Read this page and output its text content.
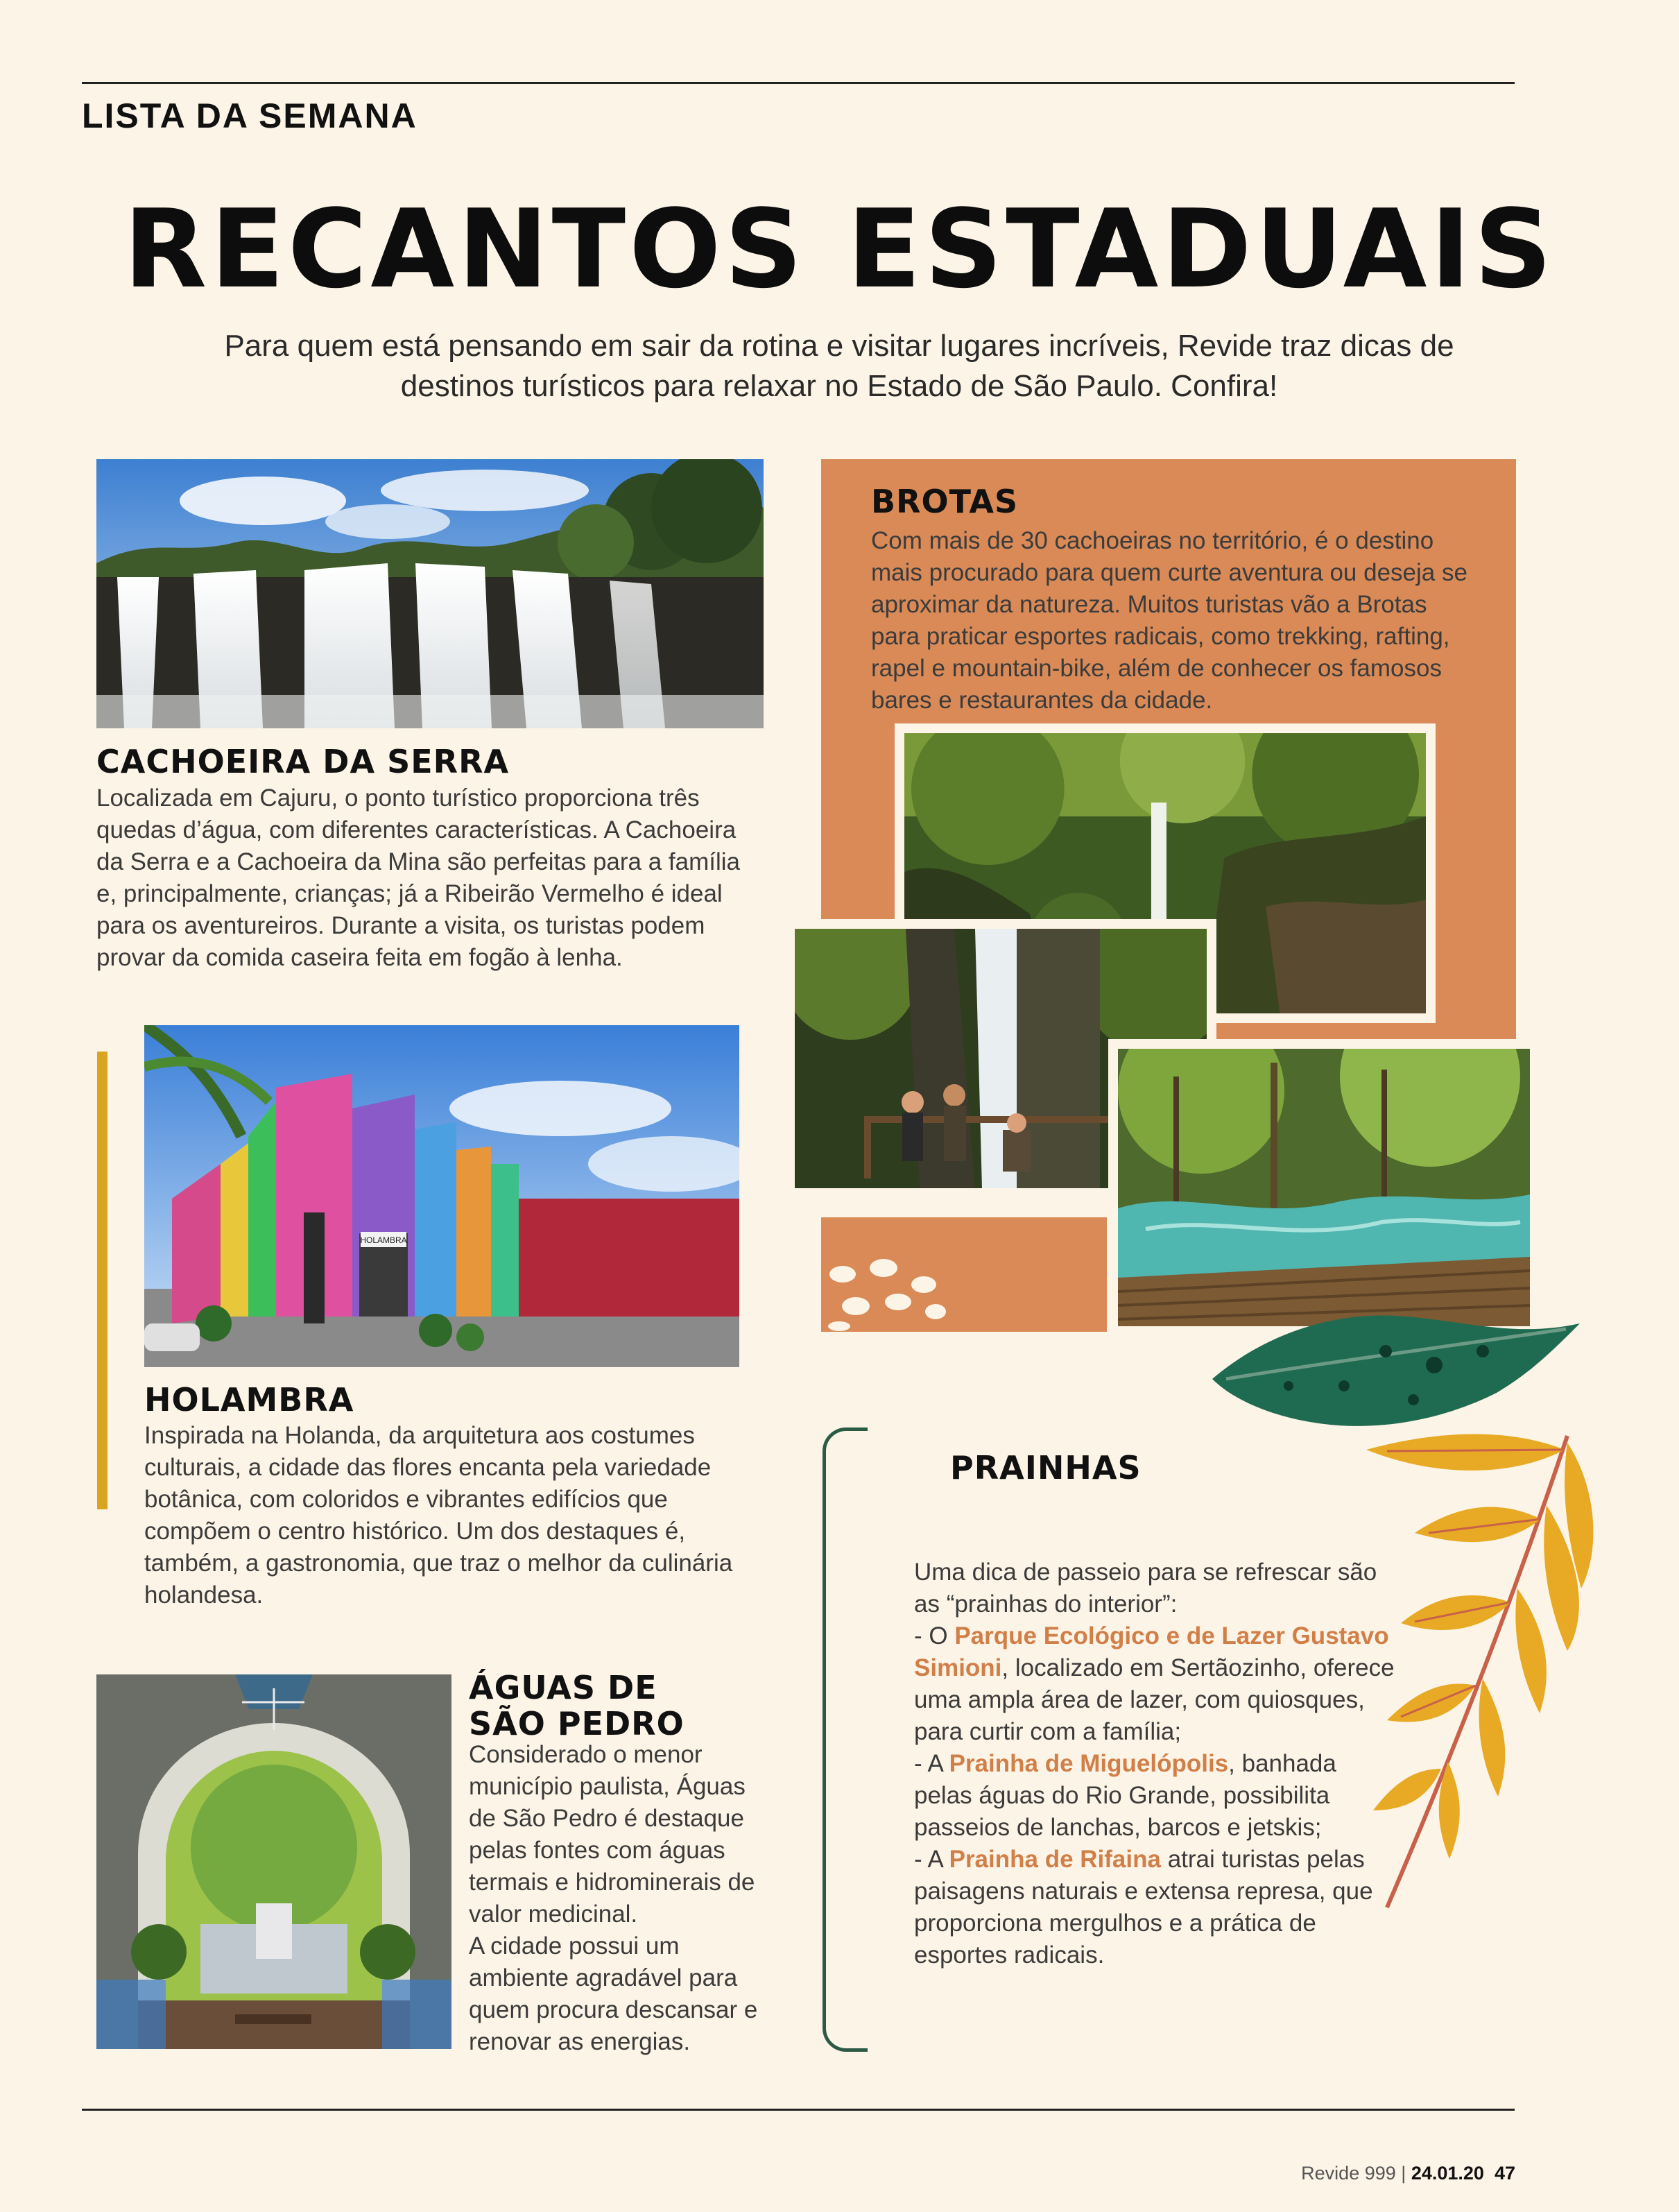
LISTA DA SEMANA
RECANTOS ESTADUAIS
Para quem está pensando em sair da rotina e visitar lugares incríveis, Revide traz dicas de destinos turísticos para relaxar no Estado de São Paulo. Confira!
CACHOEIRA DA SERRA

Localizada em Cajuru, o ponto turístico proporciona três quedas d’água, com diferentes características. A Cachoeira da Serra e a Cachoeira da Mina são perfeitas para a família e, principalmente, crianças; já a Ribeirão Vermelho é ideal para os aventureiros. Durante a visita, os turistas podem provar da comida caseira feita em fogão à lenha.

BROTAS

Com mais de 30 cachoeiras no território, é o destino mais procurado para quem curte aventura ou deseja se aproximar da natureza. Muitos turistas vão a Brotas para praticar esportes radicais, como trekking, rafting, rapel e mountain-bike, além de conhecer os famosos bares e restaurantes da cidade.

HOLAMBRA
HOLAMBRA

Inspirada na Holanda, da arquitetura aos costumes culturais, a cidade das flores encanta pela variedade botânica, com coloridos e vibrantes edifícios que compõem o centro histórico. Um dos destaques é, também, a gastronomia, que traz o melhor da culinária holandesa.

ÁGUAS DE
SÃO PEDRO

Considerado o menor município paulista, Águas de São Pedro é destaque pelas fontes com águas termais e hidrominerais de valor medicinal.
A cidade possui um ambiente agradável para quem procura descansar e renovar as energias.

PRAINHAS

Uma dica de passeio para se refrescar são as “prainhas do interior”:
- O Parque Ecológico e de Lazer Gustavo Simioni, localizado em Sertãozinho, oferece uma ampla área de lazer, com quiosques, para curtir com a família;
- A Prainha de Miguelópolis, banhada pelas águas do Rio Grande, possibilita passeios de lanchas, barcos e jetskis;
- A Prainha de Rifaina atrai turistas pelas paisagens naturais e extensa represa, que proporciona mergulhos e a prática de esportes radicais.

Revide 999 | 24.01.20 47
